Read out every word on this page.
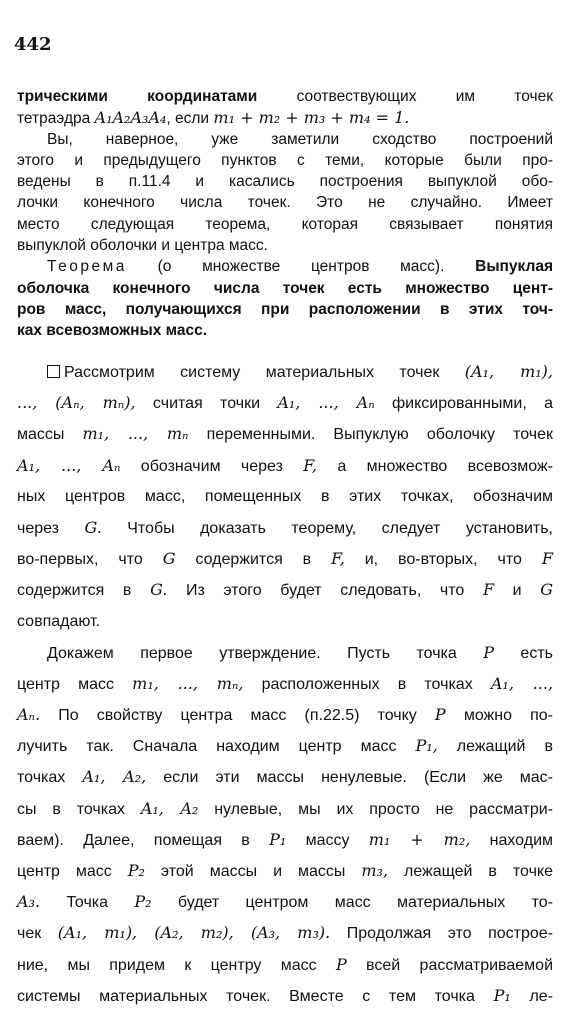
442
трическими координатами соотвествующих им точек
тетраэдра A₁A₂A₃A₄, если m₁ + m₂ + m₃ + m₄ = 1.
Вы, наверное, уже заметили сходство построений
этого и предыдущего пунктов с теми, которые были про-
ведены в п.11.4 и касались построения выпуклой обо-
лочки конечного числа точек. Это не случайно. Имеет
место следующая теорема, которая связывает понятия
выпуклой оболочки и центра масс.
Теорема (о множестве центров масс). Выпуклая
оболочка конечного числа точек есть множество цент-
ров масс, получающихся при расположении в этих точ-
ках всевозможных масс.
Рассмотрим систему материальных точек (A₁, m₁),
..., (Aₙ, mₙ), считая точки A₁, ..., Aₙ фиксированными, а
массы m₁, ..., mₙ переменными. Выпуклую оболочку точек
A₁, ..., Aₙ обозначим через F, а множество всевозмож-
ных центров масс, помещенных в этих точках, обозначим
через G. Чтобы доказать теорему, следует установить,
во-первых, что G содержится в F, и, во-вторых, что F
содержится в G. Из этого будет следовать, что F и G
совпадают.
Докажем первое утверждение. Пусть точка P есть
центр масс m₁, ..., mₙ, расположенных в точках A₁, ...,
Aₙ. По свойству центра масс (п.22.5) точку P можно по-
лучить так. Сначала находим центр масс P₁, лежащий в
точках A₁, A₂, если эти массы ненулевые. (Если же мас-
сы в точках A₁, A₂ нулевые, мы их просто не рассматри-
ваем). Далее, помещая в P₁ массу m₁ + m₂, находим
центр масс P₂ этой массы и массы m₃, лежащей в точке
A₃. Точка P₂ будет центром масс материальных то-
чек (A₁, m₁), (A₂, m₂), (A₃, m₃). Продолжая это построе-
ние, мы придем к центру масс P всей рассматриваемой
системы материальных точек. Вместе с тем точка P₁ ле-
